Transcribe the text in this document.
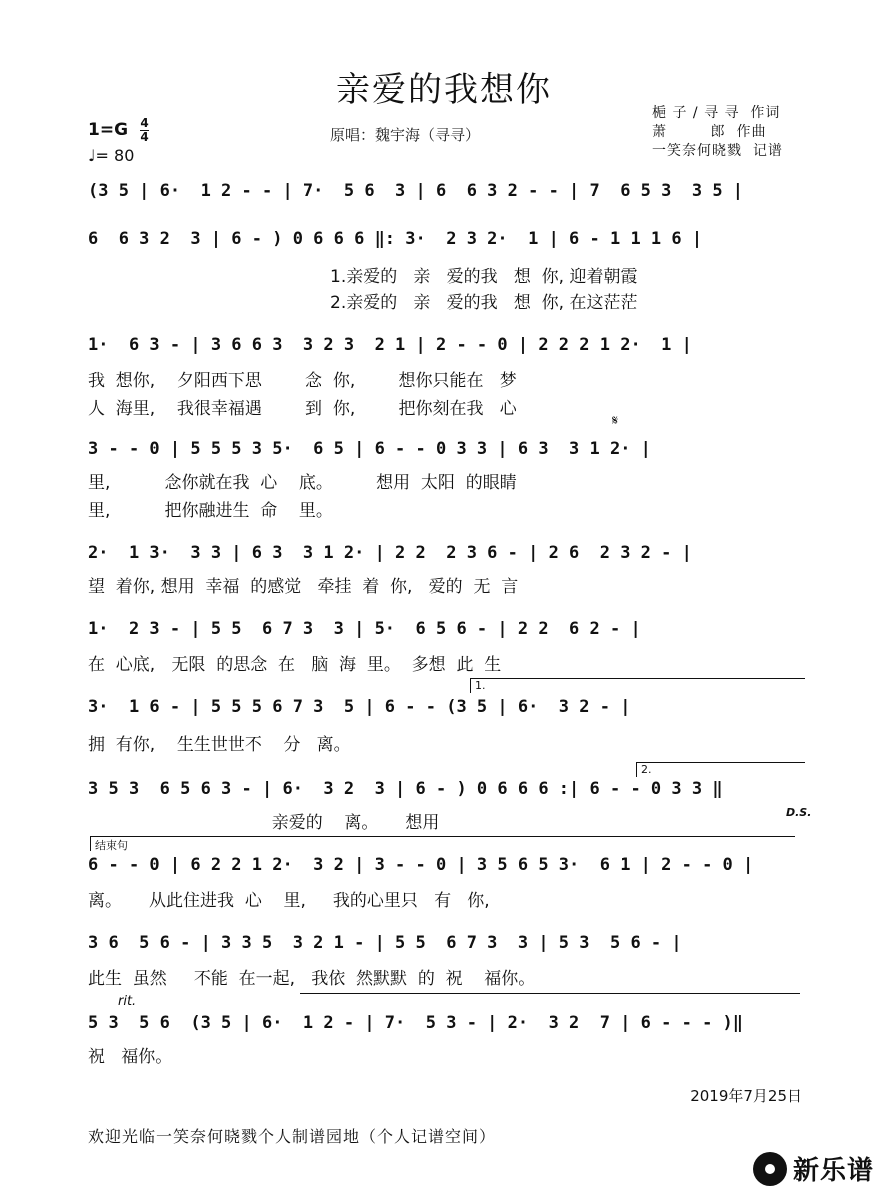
亲爱的我想你
1=G 4
4
♩= 80
原唱：魏宇海（寻寻）
梔 子 / 寻 寻  作词
萧        郎  作曲
一笑奈何晓戮  记谱
(3 5 | 6·  1 2 - - | 7·  5 6  3 | 6  6 3 2 - - | 7  6 5 3  3 5 |
6  6 3 2  3 | 6 - ) 0 6 6 6 ‖: 3·  2 3 2·  1 | 6 - 1 1 1 6 |
1.亲爱的   亲   爱的我   想  你, 迎着朝霞
2.亲爱的   亲   爱的我   想  你, 在这茫茫
1·  6 3 - | 3 6 6 3  3 2 3  2 1 | 2 - - 0 | 2 2 2 1 2·  1 |
我  想你,    夕阳西下思        念  你,        想你只能在   梦
人  海里,    我很幸福遇        到  你,        把你刻在我   心
𝄋
3 - - 0 | 5 5 5 3 5·  6 5 | 6 - - 0 3 3 | 6 3  3 1 2· |
里,          念你就在我  心    底。        想用  太阳  的眼睛
里,          把你融进生  命    里。
2·  1 3·  3 3 | 6 3  3 1 2· | 2 2  2 3 6 - | 2 6  2 3 2 - |
望  着你, 想用  幸福  的感觉   牵挂  着  你,   爱的  无  言
1·  2 3 - | 5 5  6 7 3  3 | 5·  6 5 6 - | 2 2  6 2 - |
在  心底,   无限  的思念  在   脑  海  里。  多想  此  生
1.
3·  1 6 - | 5 5 5 6 7 3  5 | 6 - - (3 5 | 6·  3 2 - |
拥  有你,    生生世世不    分   离。
2.
3 5 3  6 5 6 3 - | 6·  3 2  3 | 6 - ) 0 6 6 6 :| 6 - - 0 3 3 ‖
D.S.
亲爱的    离。     想用
结束句
6 - - 0 | 6 2 2 1 2·  3 2 | 3 - - 0 | 3 5 6 5 3·  6 1 | 2 - - 0 |
离。     从此住进我  心    里,     我的心里只   有   你,
3 6  5 6 - | 3 3 5  3 2 1 - | 5 5  6 7 3  3 | 5 3  5 6 - |
此生  虽然     不能  在一起,   我依  然默默  的  祝    福你。
rit.
5 3  5 6  (3 5 | 6·  1 2 - | 7·  5 3 - | 2·  3 2  7 | 6 - - - )‖
祝   福你。
2019年7月25日
欢迎光临一笑奈何晓戮个人制谱园地（个人记谱空间）
新乐谱
